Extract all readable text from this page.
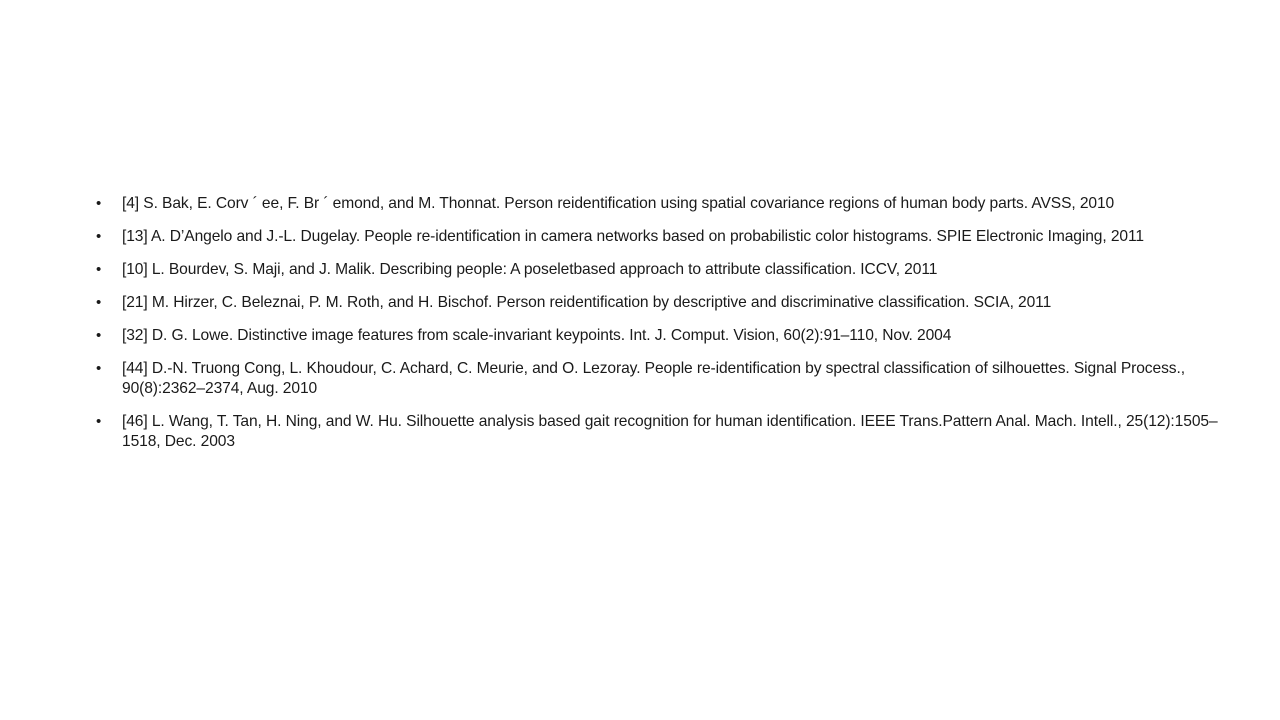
•	[4] S. Bak, E. Corv ´ ee, F. Br ´ emond, and M. Thonnat. Person reidentification using spatial covariance regions of human body parts. AVSS, 2010
•	[13] A. D’Angelo and J.-L. Dugelay. People re-identification in camera networks based on probabilistic color histograms. SPIE Electronic Imaging, 2011
•	[10] L. Bourdev, S. Maji, and J. Malik. Describing people: A poseletbased approach to attribute classification. ICCV, 2011
•	[21] M. Hirzer, C. Beleznai, P. M. Roth, and H. Bischof. Person reidentification by descriptive and discriminative classification. SCIA, 2011
•	[32] D. G. Lowe. Distinctive image features from scale-invariant keypoints. Int. J. Comput. Vision, 60(2):91–110, Nov. 2004
•	[44] D.-N. Truong Cong, L. Khoudour, C. Achard, C. Meurie, and O. Lezoray. People re-identification by spectral classification of silhouettes. Signal Process., 90(8):2362–2374, Aug. 2010
•	[46] L. Wang, T. Tan, H. Ning, and W. Hu. Silhouette analysis based gait recognition for human identification. IEEE Trans.Pattern Anal. Mach. Intell., 25(12):1505–1518, Dec. 2003
